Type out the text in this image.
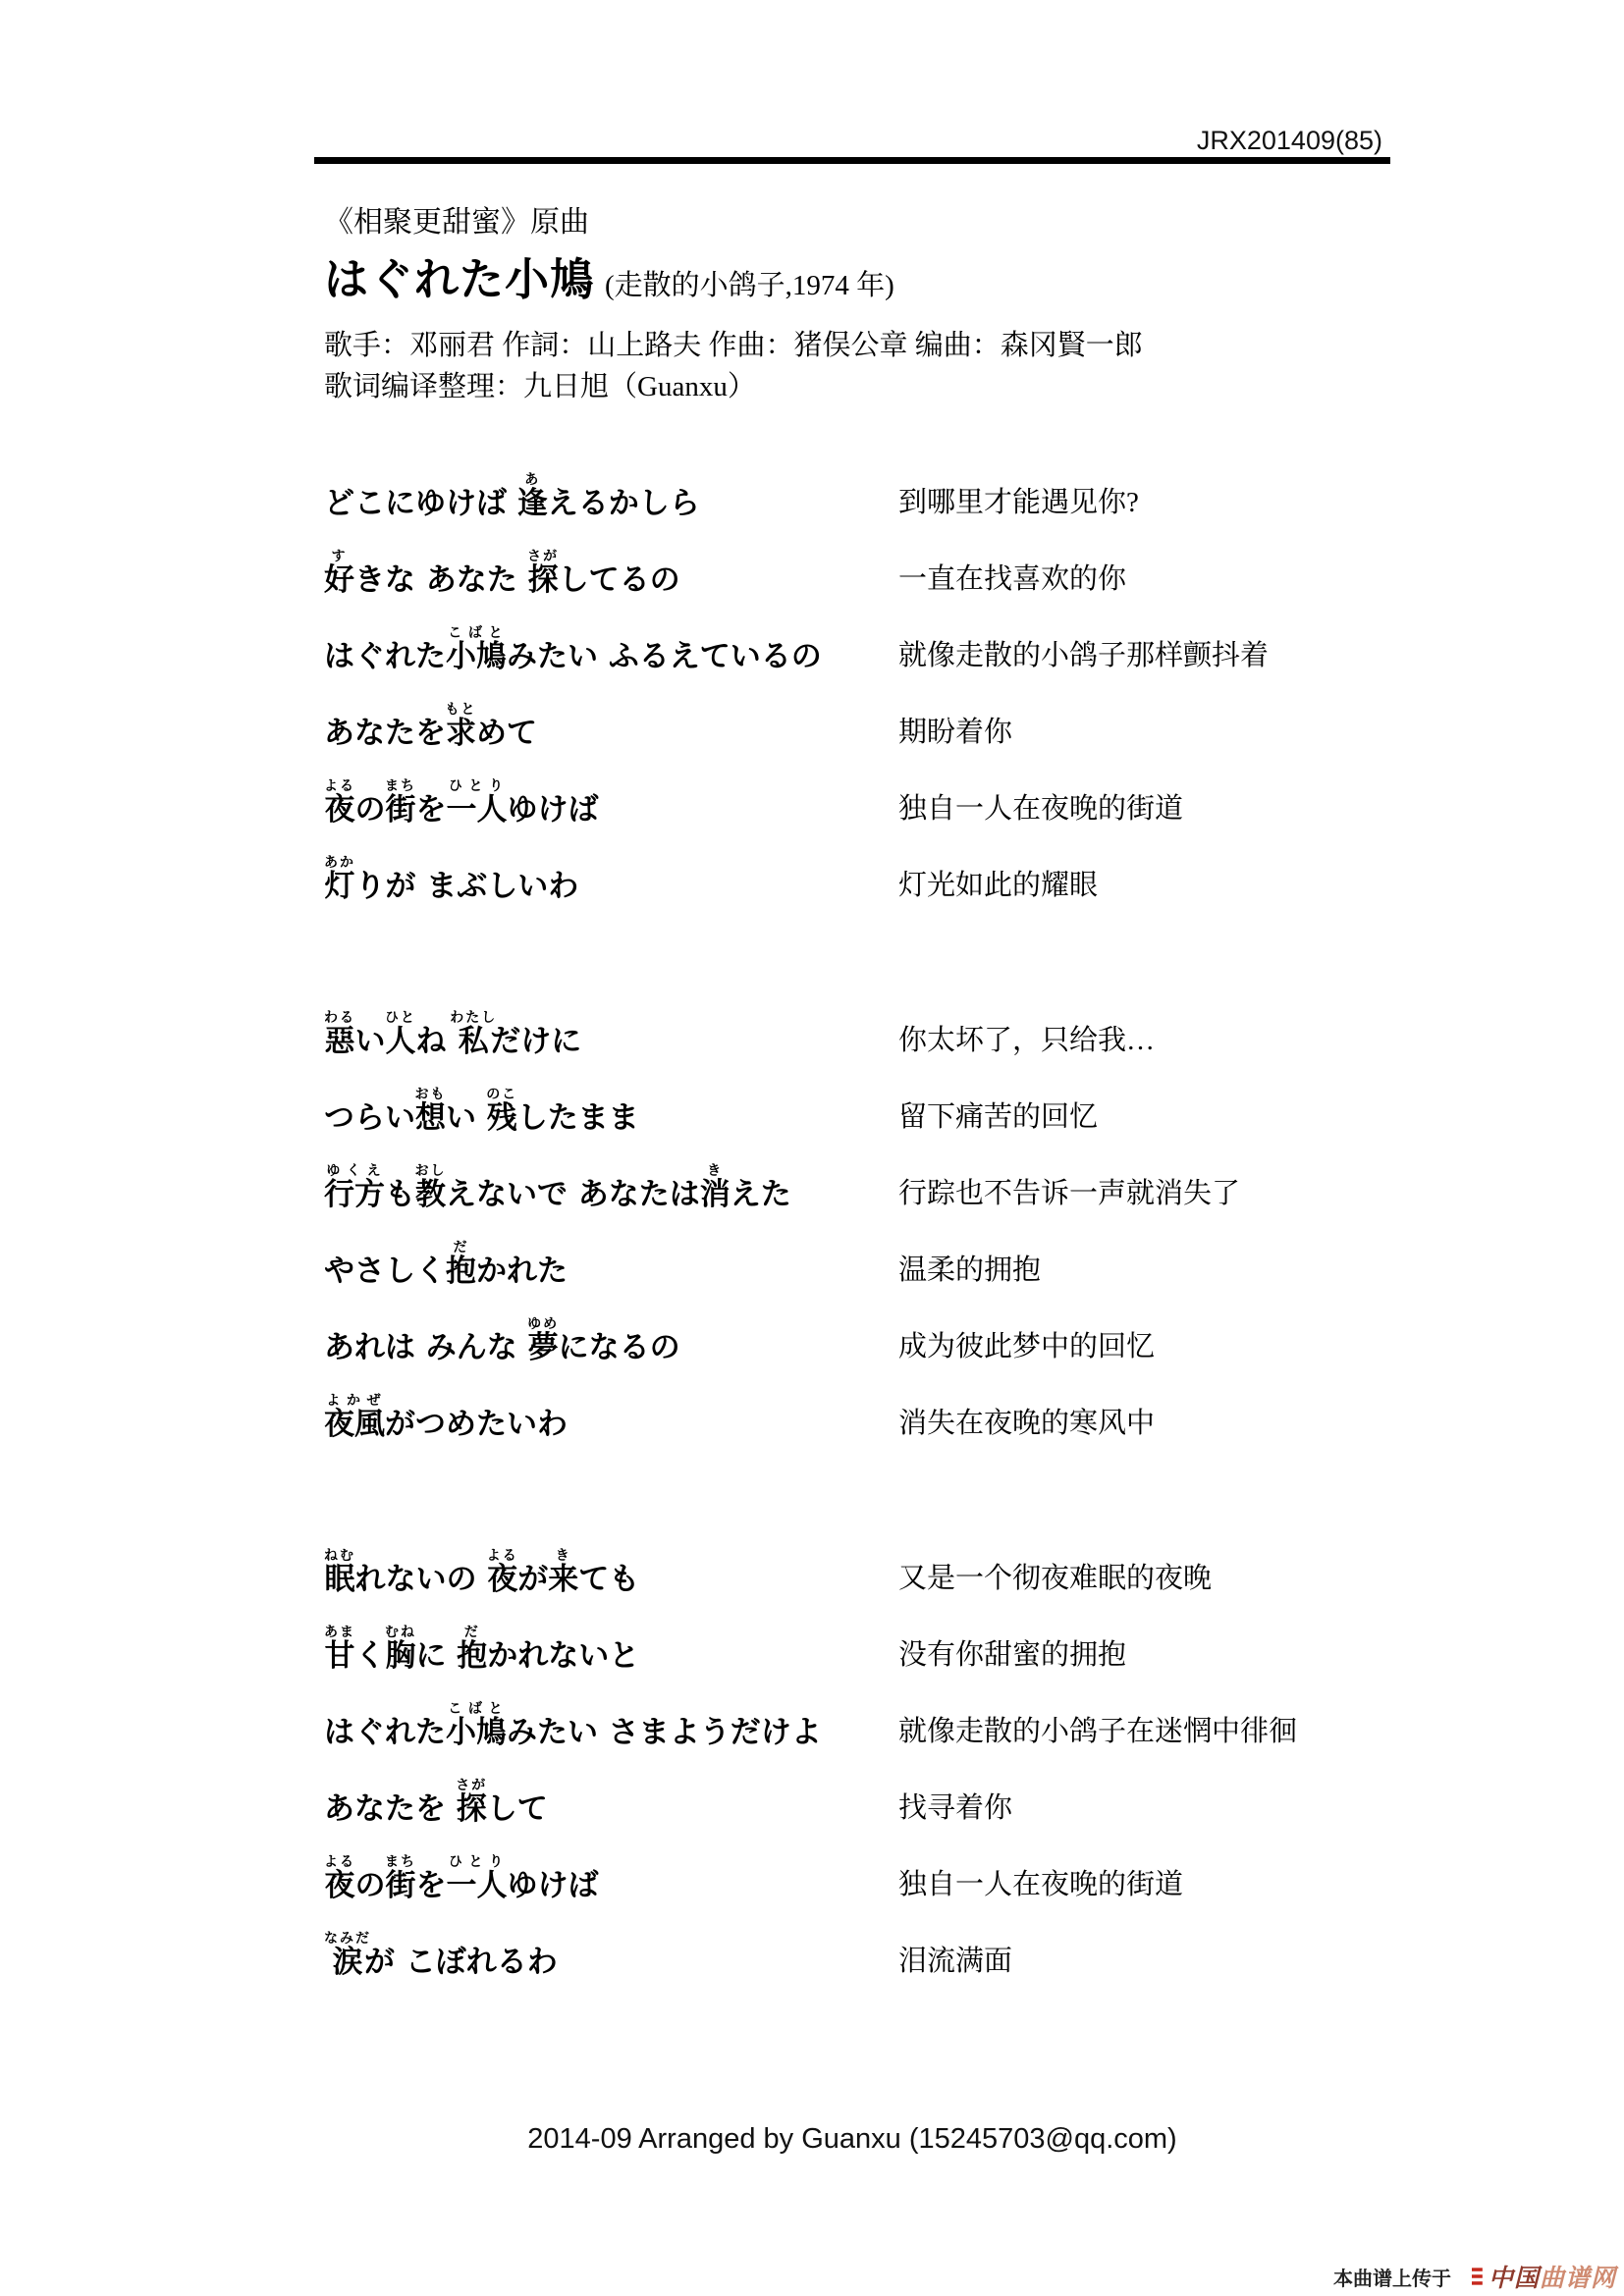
JRX201409(85)
《相聚更甜蜜》原曲
はぐれた小鳩 (走散的小鸽子,1974 年)
歌手：邓丽君 作詞：山上路夫 作曲：猪俣公章 编曲：森冈賢一郎
歌词编译整理：九日旭（Guanxu）
どこにゆけば 逢あえるかしら	到哪里才能遇见你?
好すきな あなた 探さがしてるの	一直在找喜欢的你
はぐれた小鳩こばとみたい ふるえているの	就像走散的小鸽子那样颤抖着
あなたを求もとめて	期盼着你
夜よるの街まちを一人ひとりゆけば	独自一人在夜晚的街道
灯あかりが まぶしいわ	灯光如此的耀眼
惡わるい人ひとね 私わたしだけに	你太坏了，只给我…
つらい想おもい 残のこしたまま	留下痛苦的回忆
行方ゆくえも教おしえないで あなたは消きえた	行踪也不告诉一声就消失了
やさしく抱だかれた	温柔的拥抱
あれは みんな 夢ゆめになるの	成为彼此梦中的回忆
夜風よかぜがつめたいわ	消失在夜晚的寒风中
眠ねむれないの 夜よるが来きても	又是一个彻夜难眠的夜晚
甘あまく胸むねに 抱だかれないと	没有你甜蜜的拥抱
はぐれた小鳩こばとみたい さまようだけよ	就像走散的小鸽子在迷惘中徘徊
あなたを 探さがして	找寻着你
夜よるの街まちを一人ひとりゆけば	独自一人在夜晚的街道
涙なみだが こぼれるわ	泪流满面
2014-09 Arranged by Guanxu (15245703@qq.com)
本曲谱上传于 中国 曲谱网
